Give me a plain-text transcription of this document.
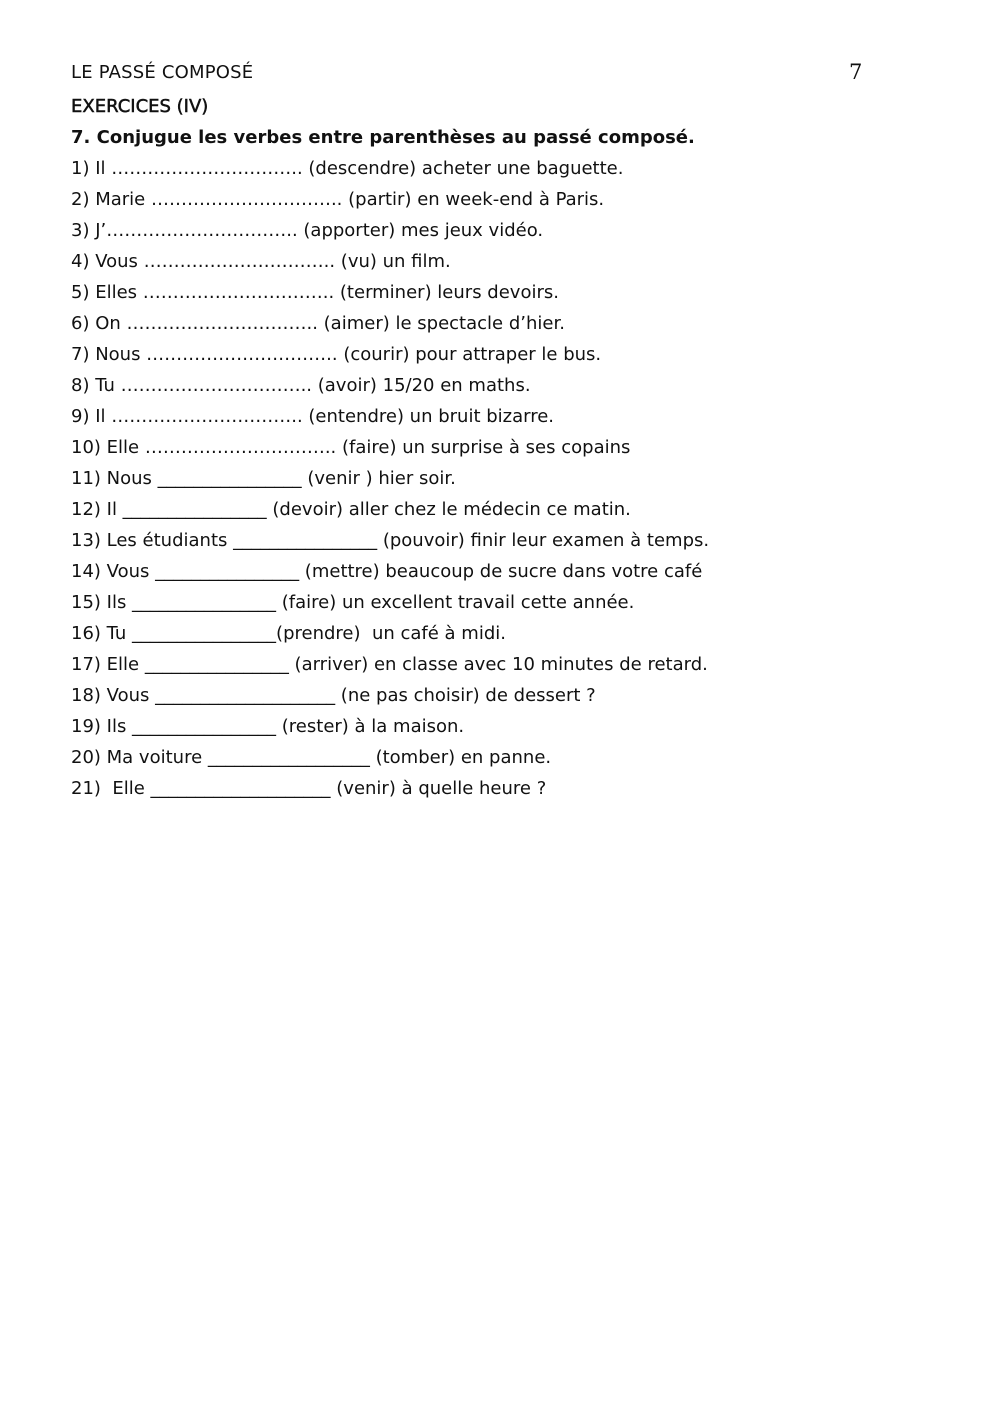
LE PASSÉ COMPOSÉ	7
EXERCICES (IV)
7. Conjugue les verbes entre parenthèses au passé composé.
1) Il ………………………….. (descendre) acheter une baguette.
2) Marie ………………………….. (partir) en week-end à Paris.
3) J’………………………….. (apporter) mes jeux vidéo.
4) Vous ………………………….. (vu) un film.
5) Elles ………………………….. (terminer) leurs devoirs.
6) On ………………………….. (aimer) le spectacle d’hier.
7) Nous ………………………….. (courir) pour attraper le bus.
8) Tu ………………………….. (avoir) 15/20 en maths.
9) Il ………………………….. (entendre) un bruit bizarre.
10) Elle ………………………….. (faire) un surprise à ses copains
11) Nous ________________ (venir ) hier soir.
12) Il ________________ (devoir) aller chez le médecin ce matin.
13) Les étudiants ________________ (pouvoir) finir leur examen à temps.
14) Vous ________________ (mettre) beaucoup de sucre dans votre café
15) Ils ________________ (faire) un excellent travail cette année.
16) Tu ________________(prendre)  un café à midi.
17) Elle ________________ (arriver) en classe avec 10 minutes de retard.
18) Vous ____________________ (ne pas choisir) de dessert ?
19) Ils ________________ (rester) à la maison.
20) Ma voiture __________________ (tomber) en panne.
21)  Elle ____________________ (venir) à quelle heure ?
